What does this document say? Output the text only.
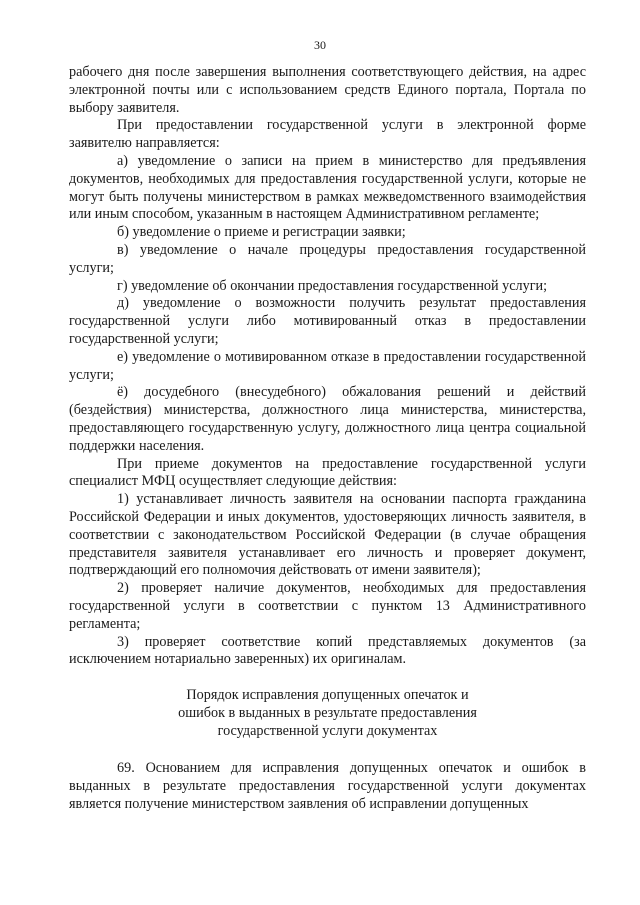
30

рабочего дня после завершения выполнения соответствующего действия, на адрес электронной почты или с использованием средств Единого портала, Портала по выбору заявителя.

При предоставлении государственной услуги в электронной форме заявителю направляется:

а) уведомление о записи на прием в министерство для предъявления документов, необходимых для предоставления государственной услуги, которые не могут быть получены министерством в рамках межведомственного взаимодействия или иным способом, указанным в настоящем Административном регламенте;

б) уведомление о приеме и регистрации заявки;

в) уведомление о начале процедуры предоставления государственной услуги;

г) уведомление об окончании предоставления государственной услуги;

д) уведомление о возможности получить результат предоставления государственной услуги либо мотивированный отказ в предоставлении государственной услуги;

е) уведомление о мотивированном отказе в предоставлении государственной услуги;

ё) досудебного (внесудебного) обжалования решений и действий (бездействия) министерства, должностного лица министерства, министерства, предоставляющего государственную услугу, должностного лица центра социальной поддержки населения.

При приеме документов на предоставление государственной услуги специалист МФЦ осуществляет следующие действия:

1) устанавливает личность заявителя на основании паспорта гражданина Российской Федерации и иных документов, удостоверяющих личность заявителя, в соответствии с законодательством Российской Федерации (в случае обращения представителя заявителя устанавливает его личность и проверяет документ, подтверждающий его полномочия действовать от имени заявителя);

2) проверяет наличие документов, необходимых для предоставления государственной услуги в соответствии с пунктом 13 Административного регламента;

3) проверяет соответствие копий представляемых документов (за исключением нотариально заверенных) их оригиналам.

Порядок исправления допущенных опечаток и
ошибок в выданных в результате предоставления
государственной услуги документах

69. Основанием для исправления допущенных опечаток и ошибок в выданных в результате предоставления государственной услуги документах является получение министерством заявления об исправлении допущенных
